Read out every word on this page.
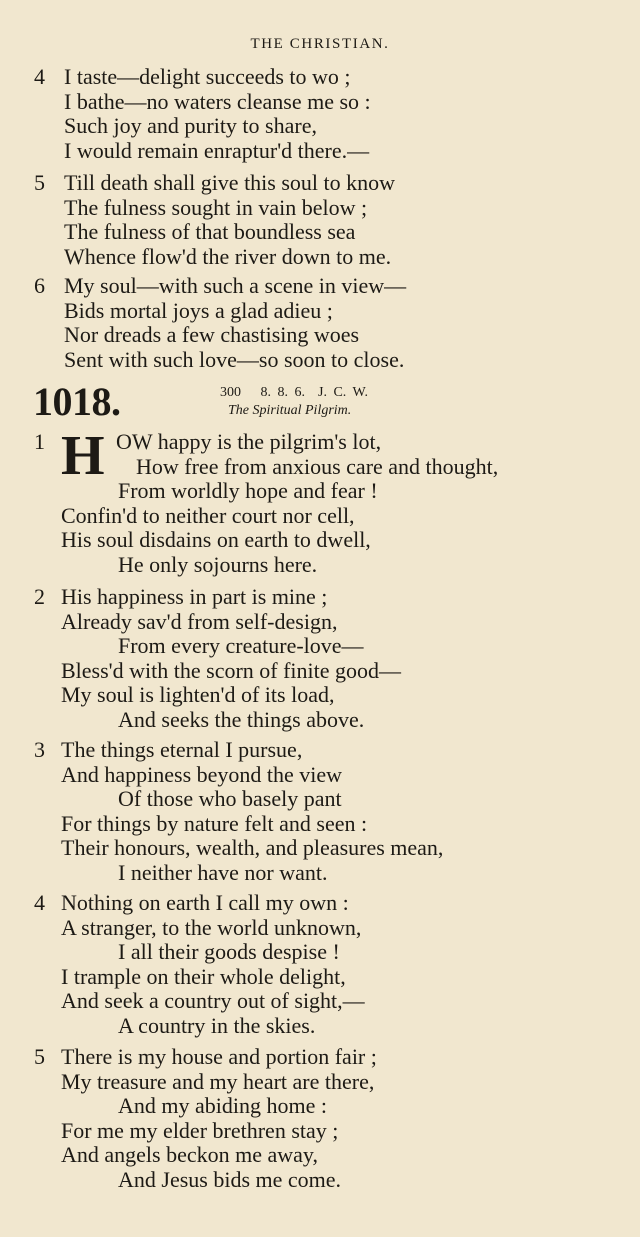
THE CHRISTIAN.
4 I taste—delight succeeds to wo ;
I bathe—no waters cleanse me so :
Such joy and purity to share,
I would remain enraptur'd there.—
5 Till death shall give this soul to know
The fulness sought in vain below ;
The fulness of that boundless sea
Whence flow'd the river down to me.
6 My soul—with such a scene in view—
Bids mortal joys a glad adieu ;
Nor dreads a few chastising woes
Sent with such love—so soon to close.
1018.	300 8. 8. 6. J. C. W.
The Spiritual Pilgrim.
1	OW happy is the pilgrim's lot,
How free from anxious care and thought,
From worldly hope and fear !
Confin'd to neither court nor cell,
His soul disdains on earth to dwell,
He only sojourns here.
H
2 His happiness in part is mine ;
Already sav'd from self-design,
From every creature-love—
Bless'd with the scorn of finite good—
My soul is lighten'd of its load,
And seeks the things above.
3 The things eternal I pursue,
And happiness beyond the view
Of those who basely pant
For things by nature felt and seen :
Their honours, wealth, and pleasures mean,
I neither have nor want.
4 Nothing on earth I call my own :
A stranger, to the world unknown,
I all their goods despise !
I trample on their whole delight,
And seek a country out of sight,—
A country in the skies.
5 There is my house and portion fair ;
My treasure and my heart are there,
And my abiding home :
For me my elder brethren stay ;
And angels beckon me away,
And Jesus bids me come.
